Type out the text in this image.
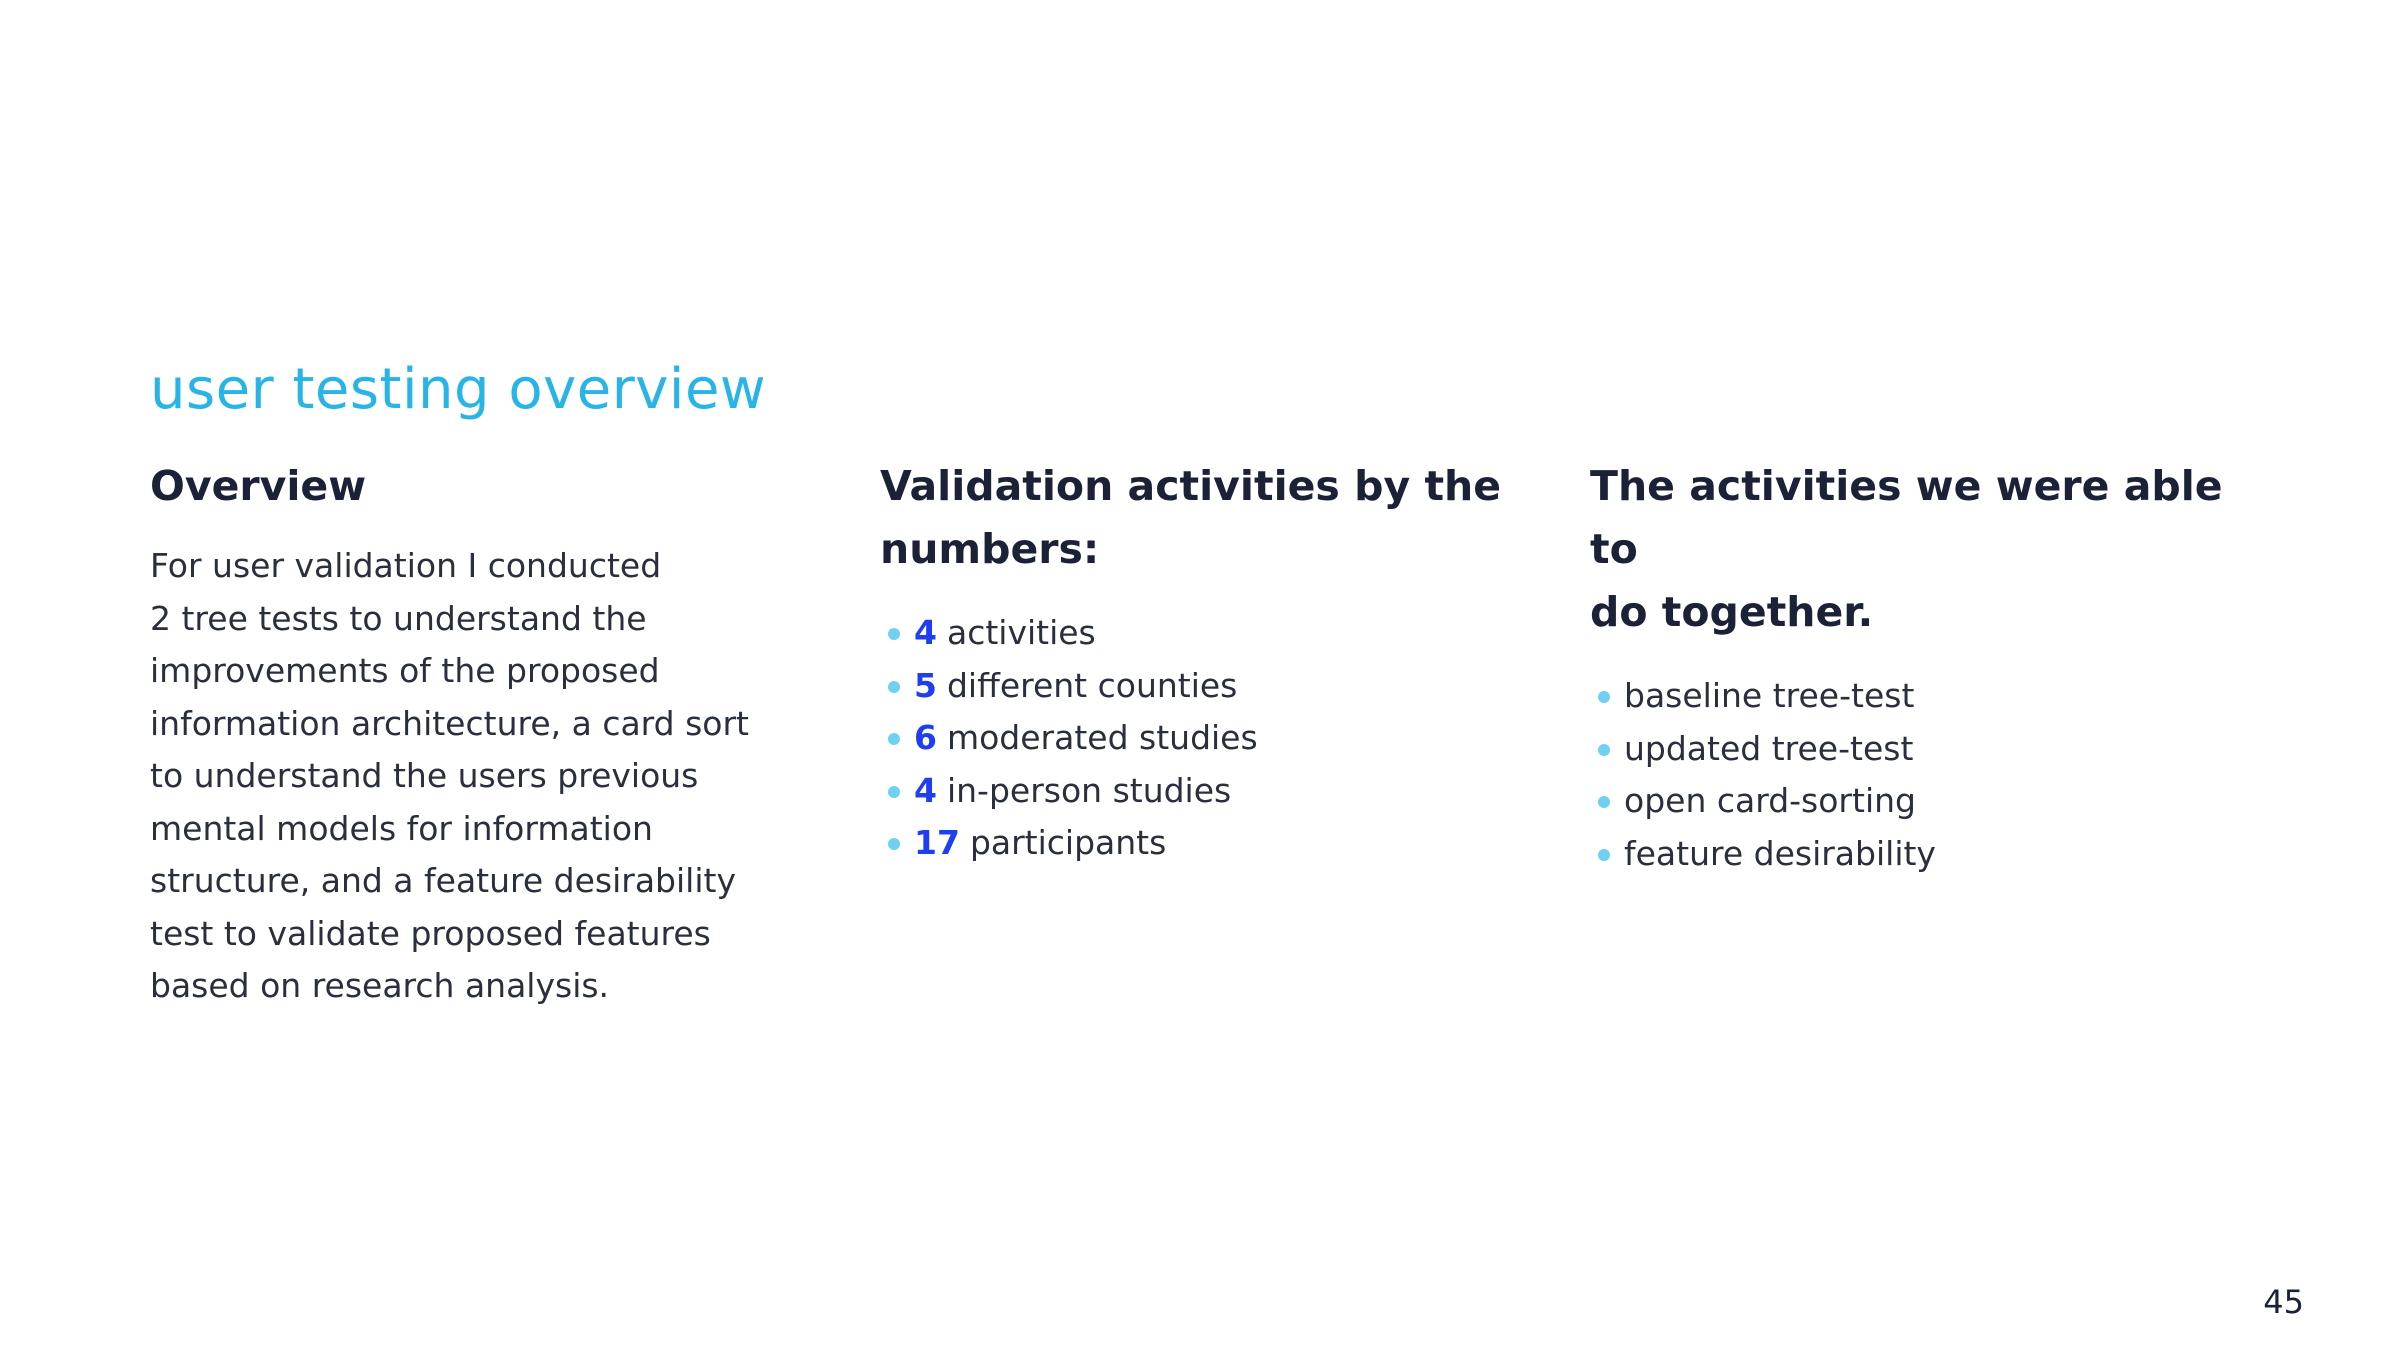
user testing overview
Overview

For user validation I conducted
2 tree tests to understand the
improvements of the proposed
information architecture, a card sort
to understand the users previous
mental models for information
structure, and a feature desirability
test to validate proposed features
based on research analysis.

Validation activities by the
numbers:
4 activities
5 different counties
6 moderated studies
4 in-person studies
17 participants
The activities we were able to
do together.
baseline tree-test
updated tree-test
open card-sorting
feature desirability
45
